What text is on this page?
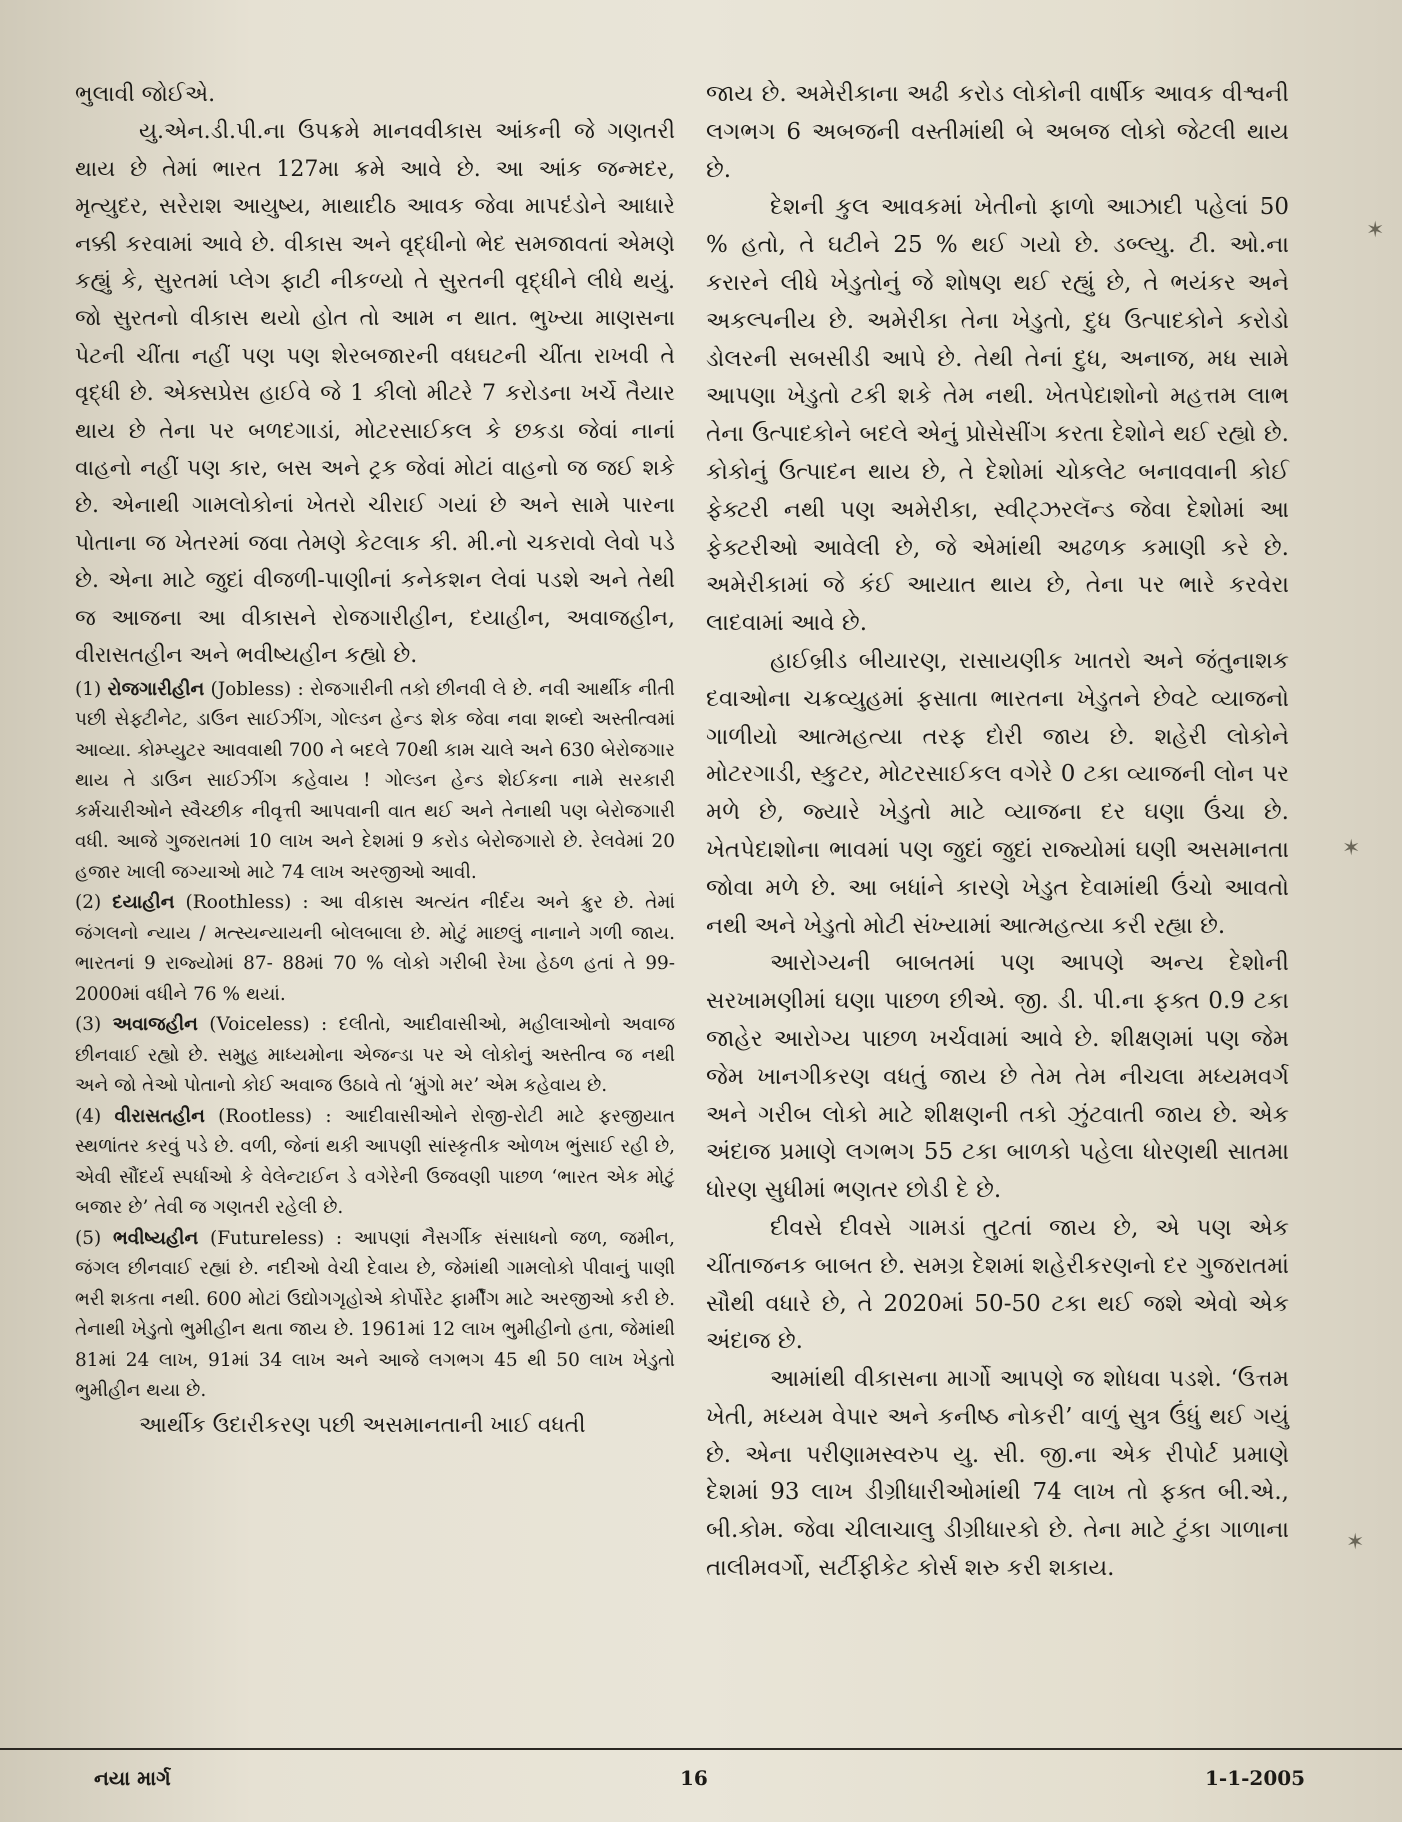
ભુલાવી જોઈએ.

યુ.એન.ડી.પી.ના ઉપક્રમે માનવવીકાસ આંકની જે ગણતરી થાય છે તેમાં ભારત 127મા ક્રમે આવે છે. આ આંક જન્મદર, મૃત્યુદર, સરેરાશ આયુષ્ય, માથાદીઠ આવક જેવા માપદંડોને આધારે નક્કી કરવામાં આવે છે. વીકાસ અને વૃદ્ધીનો ભેદ સમજાવતાં એમણે કહ્યું કે, સુરતમાં પ્લેગ ફાટી નીકળ્યો તે સુરતની વૃદ્ધીને લીધે થયું. જો સુરતનો વીકાસ થયો હોત તો આમ ન થાત. ભુખ્યા માણસના પેટની ચીંતા નહીં પણ પણ શેરબજારની વધઘટની ચીંતા રાખવી તે વૃદ્ધી છે. એક્સપ્રેસ હાઈવે જે 1 કીલો મીટરે 7 કરોડના ખર્ચે તૈયાર થાય છે તેના પર બળદગાડાં, મોટરસાઈકલ કે છકડા જેવાં નાનાં વાહનો નહીં પણ કાર, બસ અને ટ્રક જેવાં મોટાં વાહનો જ જઈ શકે છે. એનાથી ગામલોકોનાં ખેતરો ચીરાઈ ગયાં છે અને સામે પારના પોતાના જ ખેતરમાં જવા તેમણે કેટલાક કી. મી.નો ચકરાવો લેવો પડે છે. એના માટે જુદાં વીજળી-પાણીનાં કનેકશન લેવાં પડશે અને તેથી જ આજના આ વીકાસને રોજગારીહીન, દયાહીન, અવાજહીન, વીરાસતહીન અને ભવીષ્યહીન કહ્યો છે.

(1) રોજગારીહીન (Jobless) : રોજગારીની તકો છીનવી લે છે. નવી આર્થીક નીતી પછી સેફ્ટીનેટ, ડાઉન સાઈઝીંગ, ગોલ્ડન હેન્ડ શેક જેવા નવા શબ્દો અસ્તીત્વમાં આવ્યા. કોમ્પ્યુટર આવવાથી 700 ને બદલે 70થી કામ ચાલે અને 630 બેરોજગાર થાય તે ડાઉન સાઈઝીંગ કહેવાય ! ગોલ્ડન હેન્ડ શેઈકના નામે સરકારી કર્મચારીઓને સ્વૈચ્છીક નીવૃત્તી આપવાની વાત થઈ અને તેનાથી પણ બેરોજગારી વધી. આજે ગુજરાતમાં 10 લાખ અને દેશમાં 9 કરોડ બેરોજગારો છે. રેલવેમાં 20 હજાર ખાલી જગ્યાઓ માટે 74 લાખ અરજીઓ આવી.

(2) દયાહીન (Roothless) : આ વીકાસ અત્યંત નીર્દય અને ક્રુર છે. તેમાં જંગલનો ન્યાય / મત્સ્યન્યાયની બોલબાલા છે. મોટું માછલું નાનાને ગળી જાય. ભારતનાં 9 રાજ્યોમાં 87- 88માં 70 % લોકો ગરીબી રેખા હેઠળ હતાં તે 99-2000માં વધીને 76 % થયાં.

(3) અવાજહીન (Voiceless) : દલીતો, આદીવાસીઓ, મહીલાઓનો અવાજ છીનવાઈ રહ્યો છે. સમુહ માધ્યમોના એજન્ડા પર એ લોકોનું અસ્તીત્વ જ નથી અને જો તેઓ પોતાનો કોઈ અવાજ ઉઠાવે તો ‘મુંગો મર’ એમ કહેવાય છે.

(4) વીરાસતહીન (Rootless) : આદીવાસીઓને રોજી-રોટી માટે ફરજીયાત સ્થળાંતર કરવું પડે છે. વળી, જેનાં થકી આપણી સાંસ્કૃતીક ઓળખ ભુંસાઈ રહી છે, એવી સૌંદર્ય સ્પર્ધાઓ કે વેલેન્ટાઈન ડે વગેરેની ઉજવણી પાછળ ‘ભારત એક મોટું બજાર છે’ તેવી જ ગણતરી રહેલી છે.

(5) ભવીષ્યહીન (Futureless) : આપણાં નૈસર્ગીક સંસાધનો જળ, જમીન, જંગલ છીનવાઈ રહ્યાં છે. નદીઓ વેચી દેવાય છે, જેમાંથી ગામલોકો પીવાનું પાણી ભરી શકતા નથી. 600 મોટાં ઉદ્યોગગૃહોએ કોર્પોરેટ ફાર્મીંગ માટે અરજીઓ કરી છે. તેનાથી ખેડુતો ભુમીહીન થતા જાય છે. 1961માં 12 લાખ ભુમીહીનો હતા, જેમાંથી 81માં 24 લાખ, 91માં 34 લાખ અને આજે લગભગ 45 થી 50 લાખ ખેડુતો ભુમીહીન થયા છે.

આર્થીક ઉદારીકરણ પછી અસમાનતાની ખાઈ વધતી

જાય છે. અમેરીકાના અઢી કરોડ લોકોની વાર્ષીક આવક વીશ્વની લગભગ 6 અબજની વસ્તીમાંથી બે અબજ લોકો જેટલી થાય છે.

દેશની કુલ આવકમાં ખેતીનો ફાળો આઝાદી પહેલાં 50 % હતો, તે ઘટીને 25 % થઈ ગયો છે. ડબ્લ્યુ. ટી. ઓ.ના કરારને લીધે ખેડુતોનું જે શોષણ થઈ રહ્યું છે, તે ભયંકર અને અકલ્પનીય છે. અમેરીકા તેના ખેડુતો, દુધ ઉત્પાદકોને કરોડો ડોલરની સબસીડી આપે છે. તેથી તેનાં દુધ, અનાજ, મધ સામે આપણા ખેડુતો ટકી શકે તેમ નથી. ખેતપેદાશોનો મહત્તમ લાભ તેના ઉત્પાદકોને બદલે એનું પ્રોસેસીંગ કરતા દેશોને થઈ રહ્યો છે. કોકોનું ઉત્પાદન થાય છે, તે દેશોમાં ચોકલેટ બનાવવાની કોઈ ફેક્ટરી નથી પણ અમેરીકા, સ્વીટ્ઝરલૅન્ડ જેવા દેશોમાં આ ફેક્ટરીઓ આવેલી છે, જે એમાંથી અઢળક કમાણી કરે છે. અમેરીકામાં જે કંઈ આયાત થાય છે, તેના પર ભારે કરવેરા લાદવામાં આવે છે.

હાઈબ્રીડ બીયારણ, રાસાયણીક ખાતરો અને જંતુનાશક દવાઓના ચક્રવ્યુહમાં ફસાતા ભારતના ખેડુતને છેવટે વ્યાજનો ગાળીયો આત્મહત્યા તરફ દોરી જાય છે. શહેરી લોકોને મોટરગાડી, સ્કુટર, મોટરસાઈકલ વગેરે 0 ટકા વ્યાજની લોન પર મળે છે, જ્યારે ખેડુતો માટે વ્યાજના દર ઘણા ઉંચા છે. ખેતપેદાશોના ભાવમાં પણ જુદાં જુદાં રાજ્યોમાં ઘણી અસમાનતા જોવા મળે છે. આ બધાંને કારણે ખેડુત દેવામાંથી ઉંચો આવતો નથી અને ખેડુતો મોટી સંખ્યામાં આત્મહત્યા કરી રહ્યા છે.

આરોગ્યની બાબતમાં પણ આપણે અન્ય દેશોની સરખામણીમાં ઘણા પાછળ છીએ. જી. ડી. પી.ના ફક્ત 0.9 ટકા જાહેર આરોગ્ય પાછળ ખર્ચવામાં આવે છે. શીક્ષણમાં પણ જેમ જેમ ખાનગીકરણ વધતું જાય છે તેમ તેમ નીચલા મધ્યમવર્ગ અને ગરીબ લોકો માટે શીક્ષણની તકો ઝુંટવાતી જાય છે. એક અંદાજ પ્રમાણે લગભગ 55 ટકા બાળકો પહેલા ધોરણથી સાતમા ધોરણ સુધીમાં ભણતર છોડી દે છે.

દીવસે દીવસે ગામડાં તુટતાં જાય છે, એ પણ એક ચીંતાજનક બાબત છે. સમગ્ર દેશમાં શહેરીકરણનો દર ગુજરાતમાં સૌથી વધારે છે, તે 2020માં 50-50 ટકા થઈ જશે એવો એક અંદાજ છે.

આમાંથી વીકાસના માર્ગો આપણે જ શોધવા પડશે. ‘ઉત્તમ ખેતી, મધ્યમ વેપાર અને કનીષ્ઠ નોકરી’ વાળું સુત્ર ઉંધું થઈ ગયું છે. એના પરીણામસ્વરુપ યુ. સી. જી.ના એક રીપોર્ટ પ્રમાણે દેશમાં 93 લાખ ડીગ્રીધારીઓમાંથી 74 લાખ તો ફક્ત બી.એ., બી.કોમ. જેવા ચીલાચાલુ ડીગ્રીધારકો છે. તેના માટે ટુંકા ગાળાના તાલીમવર્ગો, સર્ટીફીકેટ કોર્સ શરુ કરી શકાય.

✶
✶
✶
નયા માર્ગ	16	1-1-2005
